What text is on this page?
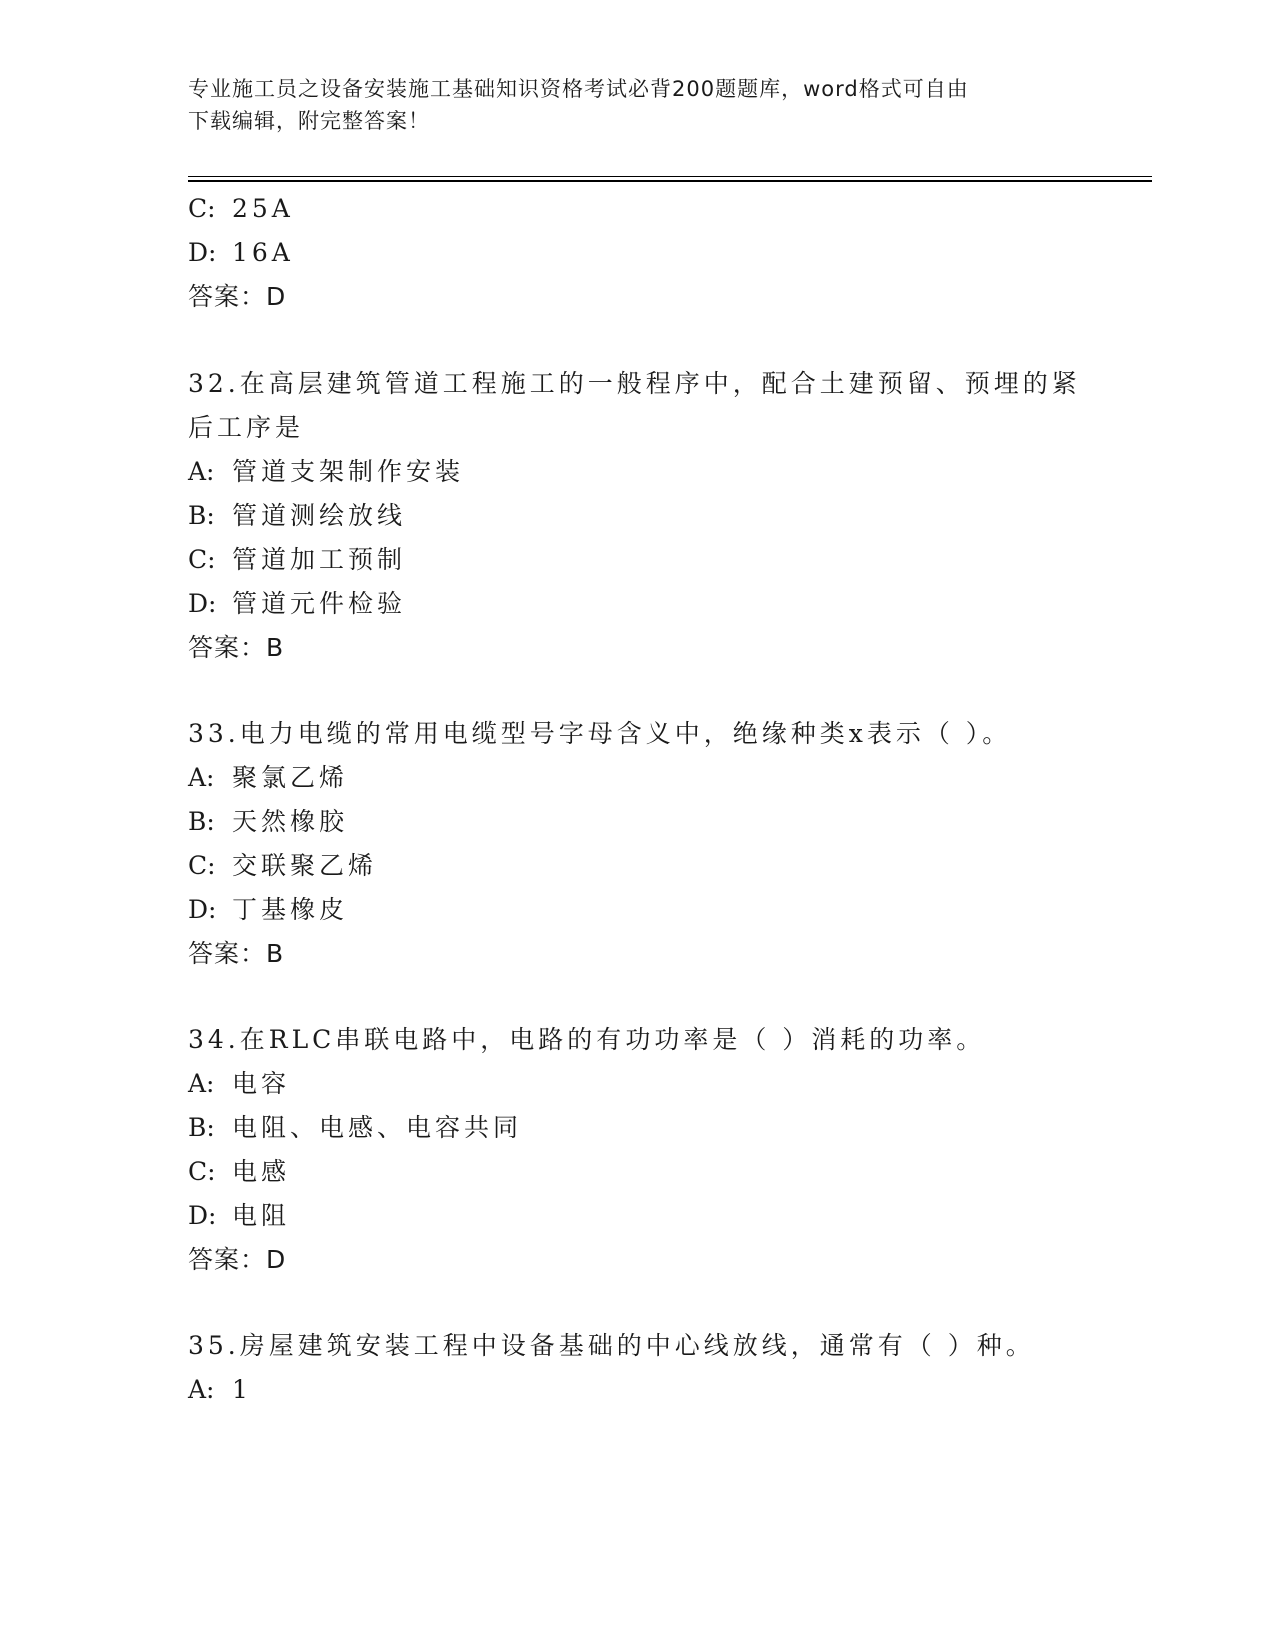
专业施工员之设备安装施工基础知识资格考试必背200题题库，word格式可自由
下载编辑，附完整答案！
C: 25A
D: 16A
答案：D
32.在高层建筑管道工程施工的一般程序中，配合土建预留、预埋的紧
后工序是
A: 管道支架制作安装
B: 管道测绘放线
C: 管道加工预制
D: 管道元件检验
答案：B
33.电力电缆的常用电缆型号字母含义中，绝缘种类x表示（ ）。
A: 聚氯乙烯
B: 天然橡胶
C: 交联聚乙烯
D: 丁基橡皮
答案：B
34.在RLC串联电路中，电路的有功功率是（ ）消耗的功率。
A: 电容
B: 电阻、电感、电容共同
C: 电感
D: 电阻
答案：D
35.房屋建筑安装工程中设备基础的中心线放线，通常有（ ）种。
A: 1
